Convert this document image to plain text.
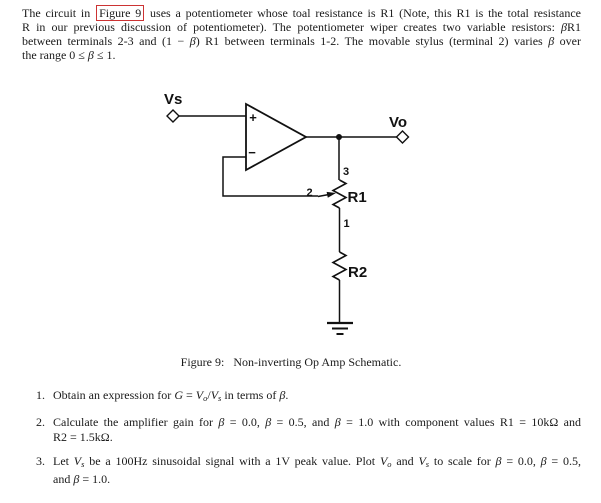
+
−
Vs
Vo
R1
3
2
1
R2
The circuit in Figure 9 uses a potentiometer whose toal resistance is R1 (Note, this R1 is the total resistance
R in our previous discussion of potentiometer). The potentiometer wiper creates two variable resistors: βR1
between terminals 2-3 and (1 − β) R1 between terminals 1-2. The movable stylus (terminal 2) varies β over
the range 0 ≤ β ≤ 1.
Figure 9: Non-inverting Op Amp Schematic.
1. Obtain an expression for G = Vo/Vs in terms of β.
2. Calculate the amplifier gain for β = 0.0, β = 0.5, and β = 1.0 with component values R1 = 10kΩ and
R2 = 1.5kΩ.
3. Let Vs be a 100Hz sinusoidal signal with a 1V peak value. Plot Vo and Vs to scale for β = 0.0, β = 0.5,
and β = 1.0.
